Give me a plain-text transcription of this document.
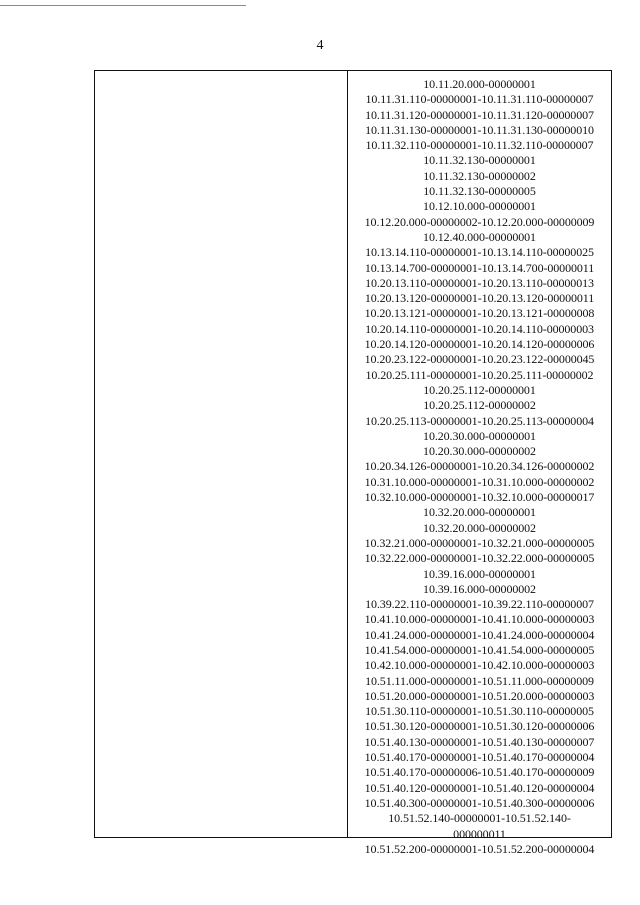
4
10.11.20.000-00000001
10.11.31.110-00000001-10.11.31.110-00000007
10.11.31.120-00000001-10.11.31.120-00000007
10.11.31.130-00000001-10.11.31.130-00000010
10.11.32.110-00000001-10.11.32.110-00000007
10.11.32.130-00000001
10.11.32.130-00000002
10.11.32.130-00000005
10.12.10.000-00000001
10.12.20.000-00000002-10.12.20.000-00000009
10.12.40.000-00000001
10.13.14.110-00000001-10.13.14.110-00000025
10.13.14.700-00000001-10.13.14.700-00000011
10.20.13.110-00000001-10.20.13.110-00000013
10.20.13.120-00000001-10.20.13.120-00000011
10.20.13.121-00000001-10.20.13.121-00000008
10.20.14.110-00000001-10.20.14.110-00000003
10.20.14.120-00000001-10.20.14.120-00000006
10.20.23.122-00000001-10.20.23.122-00000045
10.20.25.111-00000001-10.20.25.111-00000002
10.20.25.112-00000001
10.20.25.112-00000002
10.20.25.113-00000001-10.20.25.113-00000004
10.20.30.000-00000001
10.20.30.000-00000002
10.20.34.126-00000001-10.20.34.126-00000002
10.31.10.000-00000001-10.31.10.000-00000002
10.32.10.000-00000001-10.32.10.000-00000017
10.32.20.000-00000001
10.32.20.000-00000002
10.32.21.000-00000001-10.32.21.000-00000005
10.32.22.000-00000001-10.32.22.000-00000005
10.39.16.000-00000001
10.39.16.000-00000002
10.39.22.110-00000001-10.39.22.110-00000007
10.41.10.000-00000001-10.41.10.000-00000003
10.41.24.000-00000001-10.41.24.000-00000004
10.41.54.000-00000001-10.41.54.000-00000005
10.42.10.000-00000001-10.42.10.000-00000003
10.51.11.000-00000001-10.51.11.000-00000009
10.51.20.000-00000001-10.51.20.000-00000003
10.51.30.110-00000001-10.51.30.110-00000005
10.51.30.120-00000001-10.51.30.120-00000006
10.51.40.130-00000001-10.51.40.130-00000007
10.51.40.170-00000001-10.51.40.170-00000004
10.51.40.170-00000006-10.51.40.170-00000009
10.51.40.120-00000001-10.51.40.120-00000004
10.51.40.300-00000001-10.51.40.300-00000006
10.51.52.140-00000001-10.51.52.140-
000000011
10.51.52.200-00000001-10.51.52.200-00000004
